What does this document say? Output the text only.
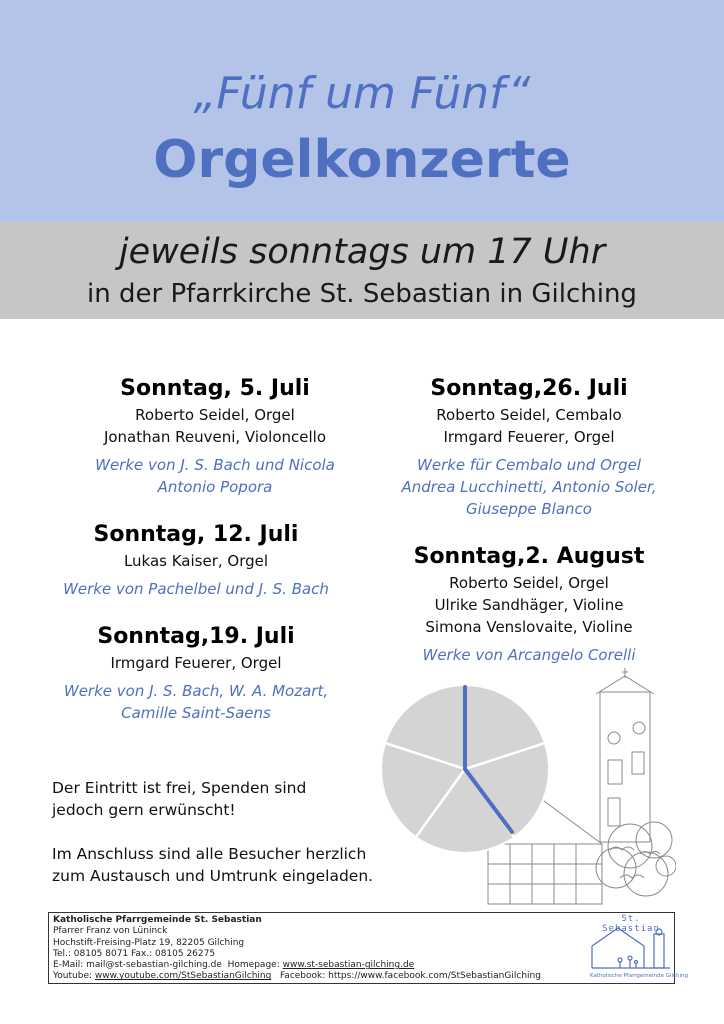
„Fünf um Fünf“
Orgelkonzerte
jeweils sonntags um 17 Uhr
in der Pfarrkirche St. Sebastian in Gilching
Sonntag, 5. Juli
Roberto Seidel, Orgel
Jonathan Reuveni, Violoncello
Werke von J. S. Bach und Nicola
Antonio Popora
Sonntag, 12. Juli
Lukas Kaiser, Orgel
Werke von Pachelbel und J. S. Bach
Sonntag,19. Juli
Irmgard Feuerer, Orgel
Werke von J. S. Bach, W. A. Mozart,
Camille Saint-Saens
Sonntag,26. Juli
Roberto Seidel, Cembalo
Irmgard Feuerer, Orgel
Werke für Cembalo und Orgel
Andrea Lucchinetti, Antonio Soler,
Giuseppe Blanco
Sonntag,2. August
Roberto Seidel, Orgel
Ulrike Sandhäger, Violine
Simona Venslovaite, Violine
Werke von Arcangelo Corelli
Der Eintritt ist frei, Spenden sind
jedoch gern erwünscht!
Im Anschluss sind alle Besucher herzlich
zum Austausch und Umtrunk eingeladen.
Katholische Pfarrgemeinde St. Sebastian
Pfarrer Franz von Lüninck
Hochstift-Freising-Platz 19, 82205 Gilching
Tel.: 08105 8071 Fax.: 08105 26275
E-Mail: mail@st-sebastian-gilching.de Homepage: www.st-sebastian-gilching.de
Youtube: www.youtube.com/StSebastianGilching Facebook: https://www.facebook.com/StSebastianGilching
St. Sebastian
Katholische Pfarrgemeinde Gilching
